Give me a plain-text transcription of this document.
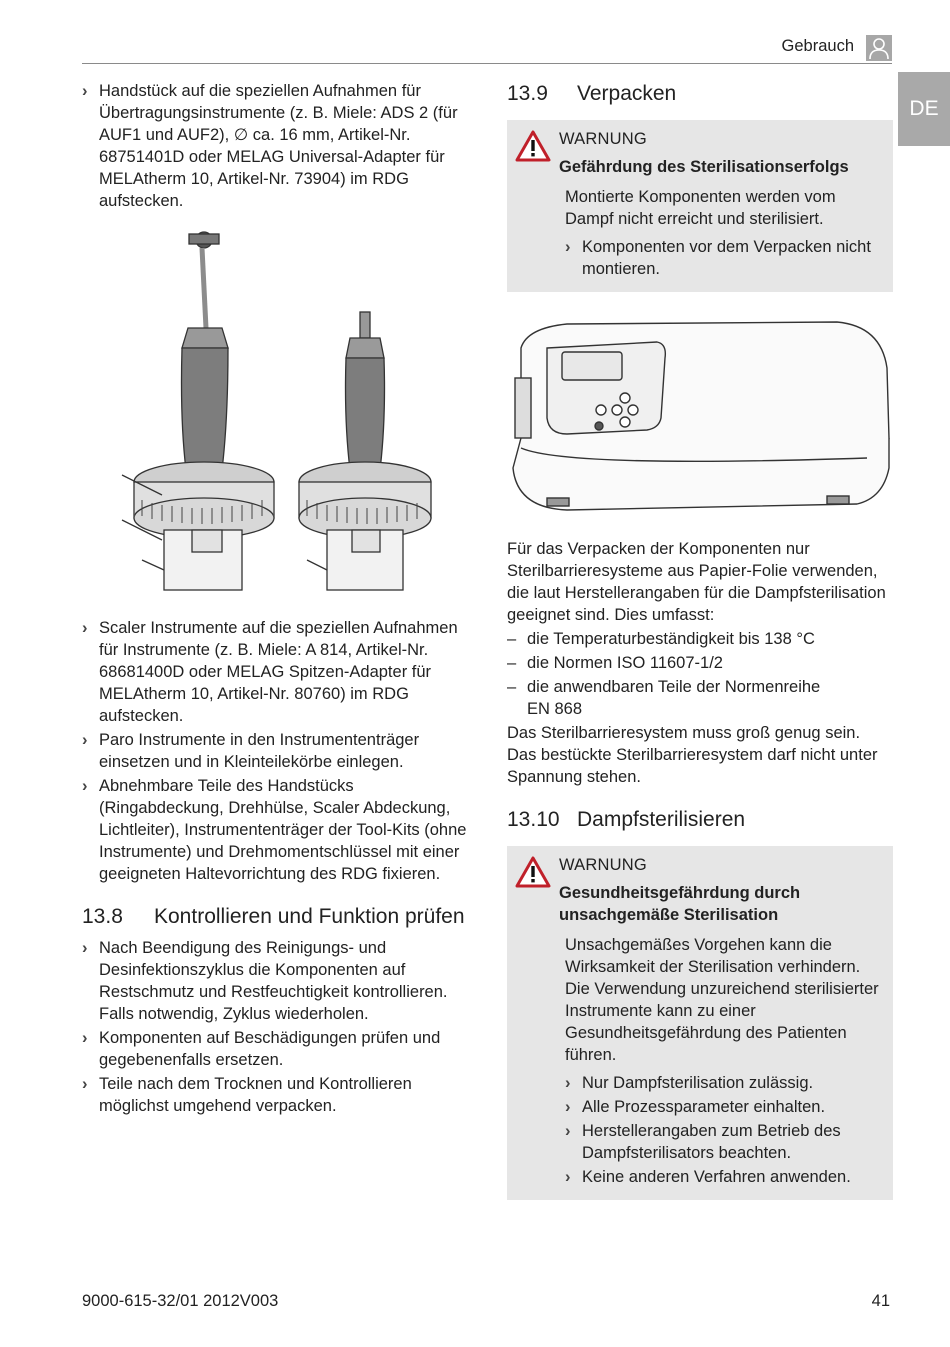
Gebrauch
DE
› Handstück auf die speziellen Aufnahmen für Übertragungsinstrumente (z. B. Miele: ADS 2 (für AUF1 und AUF2), ∅ ca. 16 mm, Artikel-Nr. 68751401D oder MELAG Universal-Adapter für MELAtherm 10, Artikel-Nr. 73904) im RDG aufstecken.
› Scaler Instrumente auf die speziellen Aufnahmen für Instrumente (z. B. Miele: A 814, Artikel-Nr. 68681400D oder MELAG Spitzen-Adapter für MELAtherm 10, Artikel-Nr. 80760) im RDG aufstecken.
› Paro Instrumente in den Instrumententräger einsetzen und in Kleinteilekörbe einlegen.
› Abnehmbare Teile des Handstücks (Ringabdeckung, Drehhülse, Scaler Abdeckung, Lichtleiter), Instrumententräger der Tool-Kits (ohne Instrumente) und Drehmomentschlüssel mit einer geeigneten Haltevorrichtung des RDG fixieren.
13.8 Kontrollieren und Funktion prüfen
› Nach Beendigung des Reinigungs- und Desinfektionszyklus die Komponenten auf Restschmutz und Restfeuchtigkeit kontrollieren. Falls notwendig, Zyklus wiederholen.
› Komponenten auf Beschädigungen prüfen und gegebenenfalls ersetzen.
› Teile nach dem Trocknen und Kontrollieren möglichst umgehend verpacken.
13.9 Verpacken
WARNUNG
Gefährdung des Sterilisationserfolgs
Montierte Komponenten werden vom Dampf nicht erreicht und sterilisiert.
› Komponenten vor dem Verpacken nicht montieren.
Für das Verpacken der Komponenten nur Sterilbarrieresysteme aus Papier-Folie verwenden, die laut Herstellerangaben für die Dampfsterilisation geeignet sind. Dies umfasst:
– die Temperaturbeständigkeit bis 138 °C
– die Normen ISO 11607-1/2
– die anwendbaren Teile der Normenreihe EN 868
Das Sterilbarrieresystem muss groß genug sein. Das bestückte Sterilbarrieresystem darf nicht unter Spannung stehen.
13.10 Dampfsterilisieren
WARNUNG
Gesundheitsgefährdung durch unsachgemäße Sterilisation
Unsachgemäßes Vorgehen kann die Wirksamkeit der Sterilisation verhindern. Die Verwendung unzureichend sterilisierter Instrumente kann zu einer Gesundheitsgefährdung des Patienten führen.
› Nur Dampfsterilisation zulässig.
› Alle Prozessparameter einhalten.
› Herstellerangaben zum Betrieb des Dampfsterilisators beachten.
› Keine anderen Verfahren anwenden.
9000-615-32/01 2012V003	41
